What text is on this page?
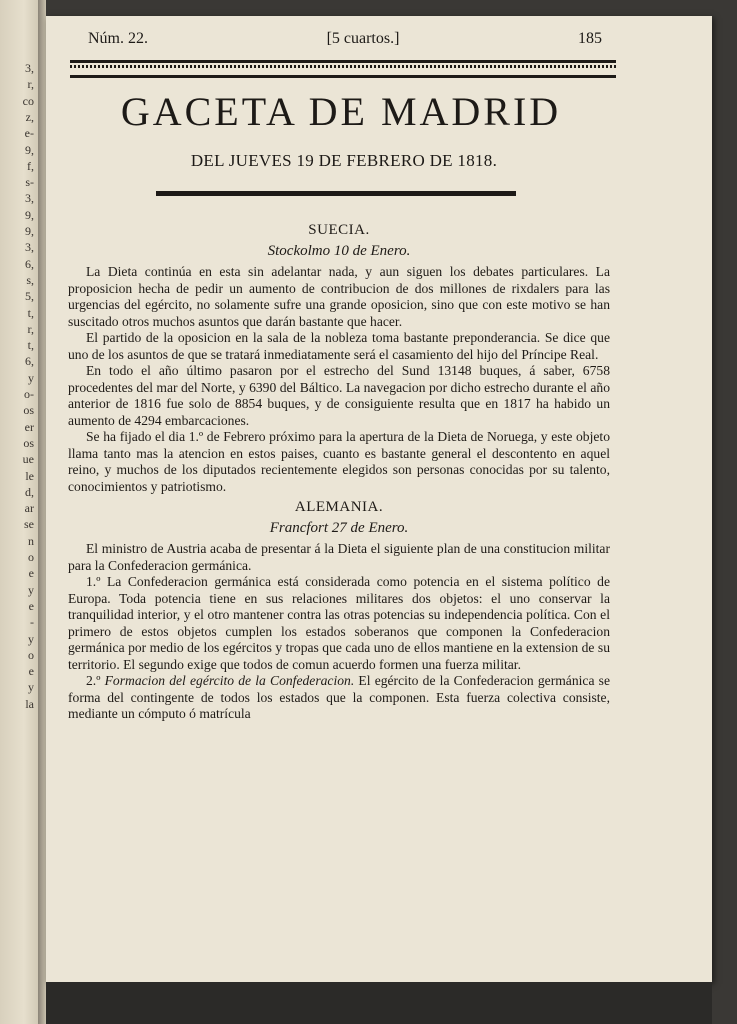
3,
r,
co
z,
e-
9,
f,
s-
3,
9,
9,
3,
6,
s,
5,
t,
r,
t,
6,
y
o-
os
er
os
ue
le
d,
ar
se
n
o
e
y
e
-
y
o
e
y
la
Núm. 22.	[5 cuartos.]	185
GACETA DE MADRID
DEL JUEVES 19 DE FEBRERO DE 1818.
SUECIA.
Stockolmo 10 de Enero.

La Dieta continúa en esta sin adelantar nada, y aun siguen los debates particulares. La proposicion hecha de pedir un aumento de contribucion de dos millones de rixdalers para las urgencias del egército, no solamente sufre una grande oposicion, sino que con este motivo se han suscitado otros muchos asuntos que darán bastante que hacer.

El partido de la oposicion en la sala de la nobleza toma bastante preponderancia. Se dice que uno de los asuntos de que se tratará inmediatamente será el casamiento del hijo del Príncipe Real.

En todo el año último pasaron por el estrecho del Sund 13148 buques, á saber, 6758 procedentes del mar del Norte, y 6390 del Báltico. La navegacion por dicho estrecho durante el año anterior de 1816 fue solo de 8854 buques, y de consiguiente resulta que en 1817 ha habido un aumento de 4294 embarcaciones.

Se ha fijado el dia 1.º de Febrero próximo para la apertura de la Dieta de Noruega, y este objeto llama tanto mas la atencion en estos paises, cuanto es bastante general el descontento en aquel reino, y muchos de los diputados recientemente elegidos son personas conocidas por su talento, conocimientos y patriotismo.

ALEMANIA.
Francfort 27 de Enero.

El ministro de Austria acaba de presentar á la Dieta el siguiente plan de una constitucion militar para la Confederacion germánica.

1.º La Confederacion germánica está considerada como potencia en el sistema político de Europa. Toda potencia tiene en sus relaciones militares dos objetos: el uno conservar la tranquilidad interior, y el otro mantener contra las otras potencias su independencia política. Con el primero de estos objetos cumplen los estados soberanos que componen la Confederacion germánica por medio de los egércitos y tropas que cada uno de ellos mantiene en la extension de su territorio. El segundo exige que todos de comun acuerdo formen una fuerza militar.

2.º Formacion del egército de la Confederacion. El egército de la Confederacion germánica se forma del contingente de todos los estados que la componen. Esta fuerza colectiva consiste, mediante un cómputo ó matrícula
